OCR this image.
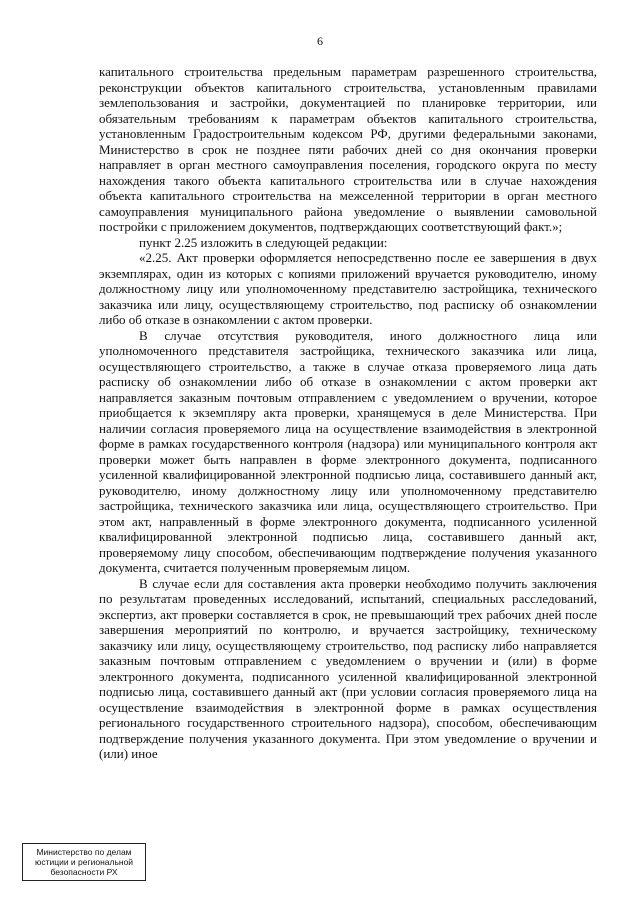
6

капитального строительства предельным параметрам разрешенного строительства, реконструкции объектов капитального строительства, установленным правилами землепользования и застройки, документацией по планировке территории, или обязательным требованиям к параметрам объектов капитального строительства, установленным Градостроительным кодексом РФ, другими федеральными законами, Министерство в срок не позднее пяти рабочих дней со дня окончания проверки направляет в орган местного самоуправления поселения, городского округа по месту нахождения такого объекта капитального строительства или в случае нахождения объекта капитального строительства на межселенной территории в орган местного самоуправления муниципального района уведомление о выявлении самовольной постройки с приложением документов, подтверждающих соответствующий факт.»;

пункт 2.25 изложить в следующей редакции:

«2.25. Акт проверки оформляется непосредственно после ее завершения в двух экземплярах, один из которых с копиями приложений вручается руководителю, иному должностному лицу или уполномоченному представителю застройщика, технического заказчика или лицу, осуществляющему строительство, под расписку об ознакомлении либо об отказе в ознакомлении с актом проверки.

В случае отсутствия руководителя, иного должностного лица или уполномоченного представителя застройщика, технического заказчика или лица, осуществляющего строительство, а также в случае отказа проверяемого лица дать расписку об ознакомлении либо об отказе в ознакомлении с актом проверки акт направляется заказным почтовым отправлением с уведомлением о вручении, которое приобщается к экземпляру акта проверки, хранящемуся в деле Министерства. При наличии согласия проверяемого лица на осуществление взаимодействия в электронной форме в рамках государственного контроля (надзора) или муниципального контроля акт проверки может быть направлен в форме электронного документа, подписанного усиленной квалифицированной электронной подписью лица, составившего данный акт, руководителю, иному должностному лицу или уполномоченному представителю застройщика, технического заказчика или лица, осуществляющего строительство. При этом акт, направленный в форме электронного документа, подписанного усиленной квалифицированной электронной подписью лица, составившего данный акт, проверяемому лицу способом, обеспечивающим подтверждение получения указанного документа, считается полученным проверяемым лицом.

В случае если для составления акта проверки необходимо получить заключения по результатам проведенных исследований, испытаний, специальных расследований, экспертиз, акт проверки составляется в срок, не превышающий трех рабочих дней после завершения мероприятий по контролю, и вручается застройщику, техническому заказчику или лицу, осуществляющему строительство, под расписку либо направляется заказным почтовым отправлением с уведомлением о вручении и (или) в форме электронного документа, подписанного усиленной квалифицированной электронной подписью лица, составившего данный акт (при условии согласия проверяемого лица на осуществление взаимодействия в электронной форме в рамках осуществления регионального государственного строительного надзора), способом, обеспечивающим подтверждение получения указанного документа. При этом уведомление о вручении и (или) иное

Министерство по делам
юстиции и региональной
безопасности РХ
